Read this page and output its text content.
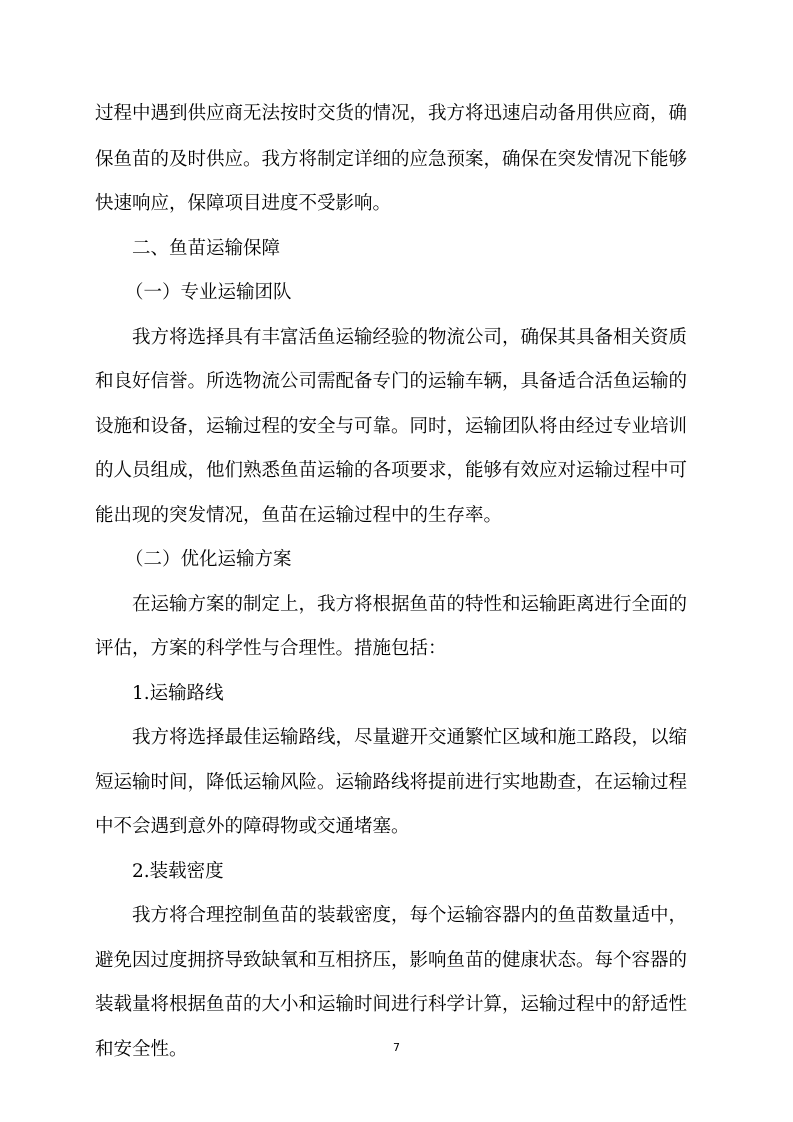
过程中遇到供应商无法按时交货的情况，我方将迅速启动备用供应商，确
保鱼苗的及时供应。我方将制定详细的应急预案，确保在突发情况下能够
快速响应，保障项目进度不受影响。
二、鱼苗运输保障
（一）专业运输团队
我方将选择具有丰富活鱼运输经验的物流公司，确保其具备相关资质
和良好信誉。所选物流公司需配备专门的运输车辆，具备适合活鱼运输的
设施和设备，运输过程的安全与可靠。同时，运输团队将由经过专业培训
的人员组成，他们熟悉鱼苗运输的各项要求，能够有效应对运输过程中可
能出现的突发情况，鱼苗在运输过程中的生存率。
（二）优化运输方案
在运输方案的制定上，我方将根据鱼苗的特性和运输距离进行全面的
评估，方案的科学性与合理性。措施包括：
1.运输路线
我方将选择最佳运输路线，尽量避开交通繁忙区域和施工路段，以缩
短运输时间，降低运输风险。运输路线将提前进行实地勘查，在运输过程
中不会遇到意外的障碍物或交通堵塞。
2.装载密度
我方将合理控制鱼苗的装载密度，每个运输容器内的鱼苗数量适中，
避免因过度拥挤导致缺氧和互相挤压，影响鱼苗的健康状态。每个容器的
装载量将根据鱼苗的大小和运输时间进行科学计算，运输过程中的舒适性
和安全性。	7
